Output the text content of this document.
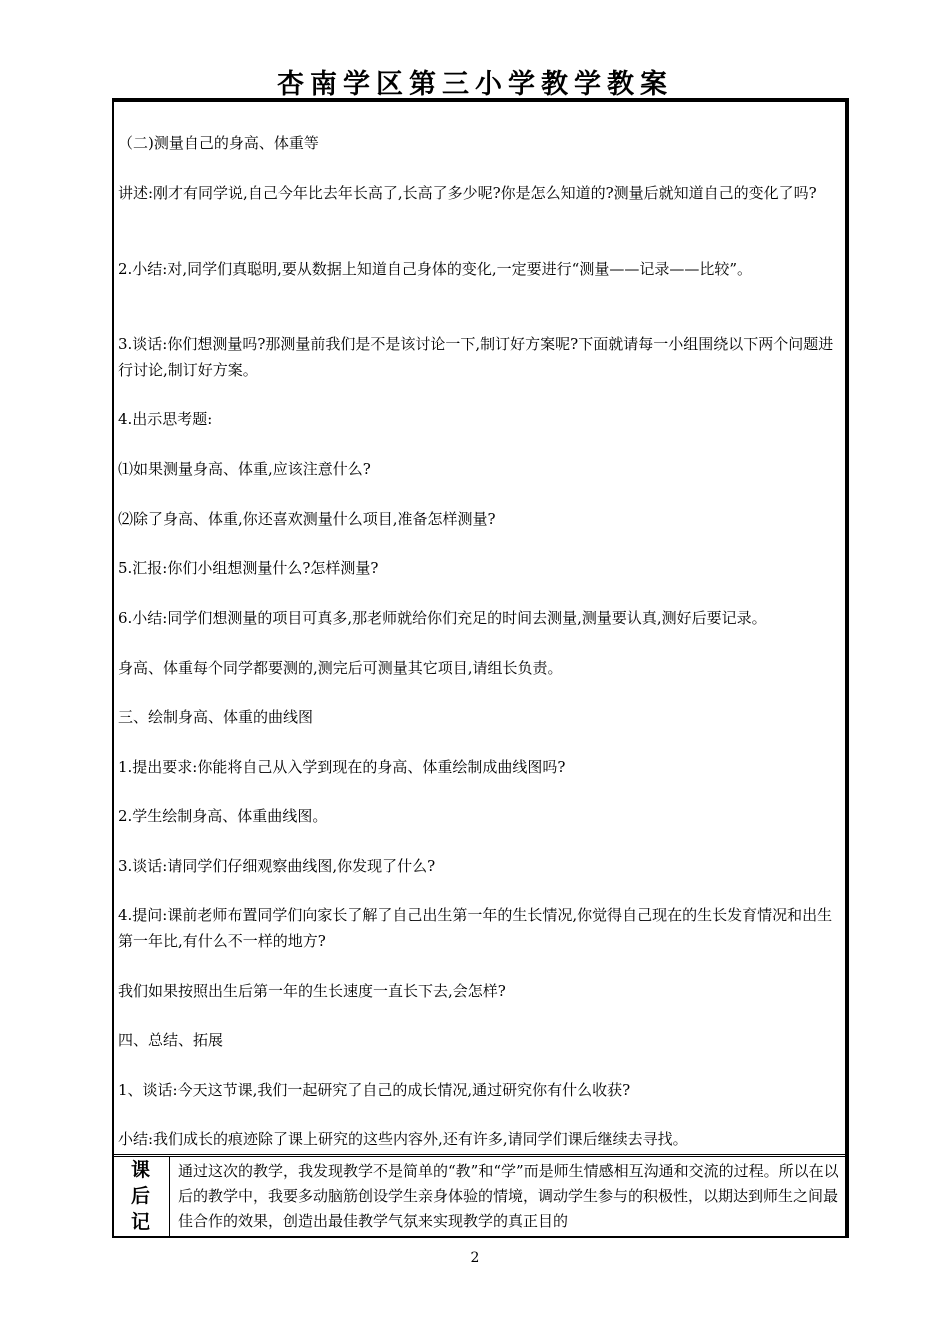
杏南学区第三小学教学教案
（二)测量自己的身高、体重等
讲述:刚才有同学说,自己今年比去年长高了,长高了多少呢?你是怎么知道的?测量后就知道自己的变化了吗?
2.小结:对,同学们真聪明,要从数据上知道自己身体的变化,一定要进行“测量——记录——比较”。
3.谈话:你们想测量吗?那测量前我们是不是该讨论一下,制订好方案呢?下面就请每一小组围绕以下两个问题进行讨论,制订好方案。
4.出示思考题:
⑴如果测量身高、体重,应该注意什么?
⑵除了身高、体重,你还喜欢测量什么项目,准备怎样测量?
5.汇报:你们小组想测量什么?怎样测量?
6.小结:同学们想测量的项目可真多,那老师就给你们充足的时间去测量,测量要认真,测好后要记录。
身高、体重每个同学都要测的,测完后可测量其它项目,请组长负责。
三、绘制身高、体重的曲线图
1.提出要求:你能将自己从入学到现在的身高、体重绘制成曲线图吗?
2.学生绘制身高、体重曲线图。
3.谈话:请同学们仔细观察曲线图,你发现了什么?
4.提问:课前老师布置同学们向家长了解了自己出生第一年的生长情况,你觉得自己现在的生长发育情况和出生第一年比,有什么不一样的地方?
我们如果按照出生后第一年的生长速度一直长下去,会怎样?
四、总结、拓展
1、谈话:今天这节课,我们一起研究了自己的成长情况,通过研究你有什么收获?
小结:我们成长的痕迹除了课上研究的这些内容外,还有许多,请同学们课后继续去寻找。
课
后
记
通过这次的教学，我发现教学不是简单的“教”和“学”而是师生情感相互沟通和交流的过程。所以在以后的教学中，我要多动脑筋创设学生亲身体验的情境，调动学生参与的积极性，以期达到师生之间最佳合作的效果，创造出最佳教学气氛来实现教学的真正目的
2
